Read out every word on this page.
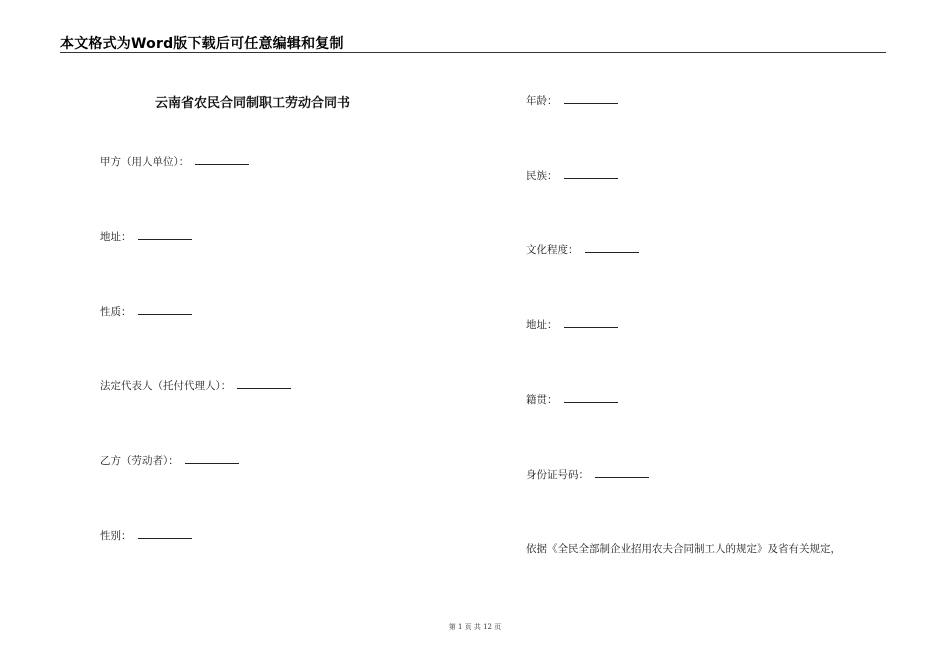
本文格式为Word版下载后可任意编辑和复制
云南省农民合同制职工劳动合同书
甲方（用人单位）：
地址：
性质：
法定代表人（托付代理人）：
乙方（劳动者）：
性别：
年龄：
民族：
文化程度：
地址：
籍贯：
身份证号码：
依据《全民全部制企业招用农夫合同制工人的规定》及省有关规定，
第 1 页 共 12 页
